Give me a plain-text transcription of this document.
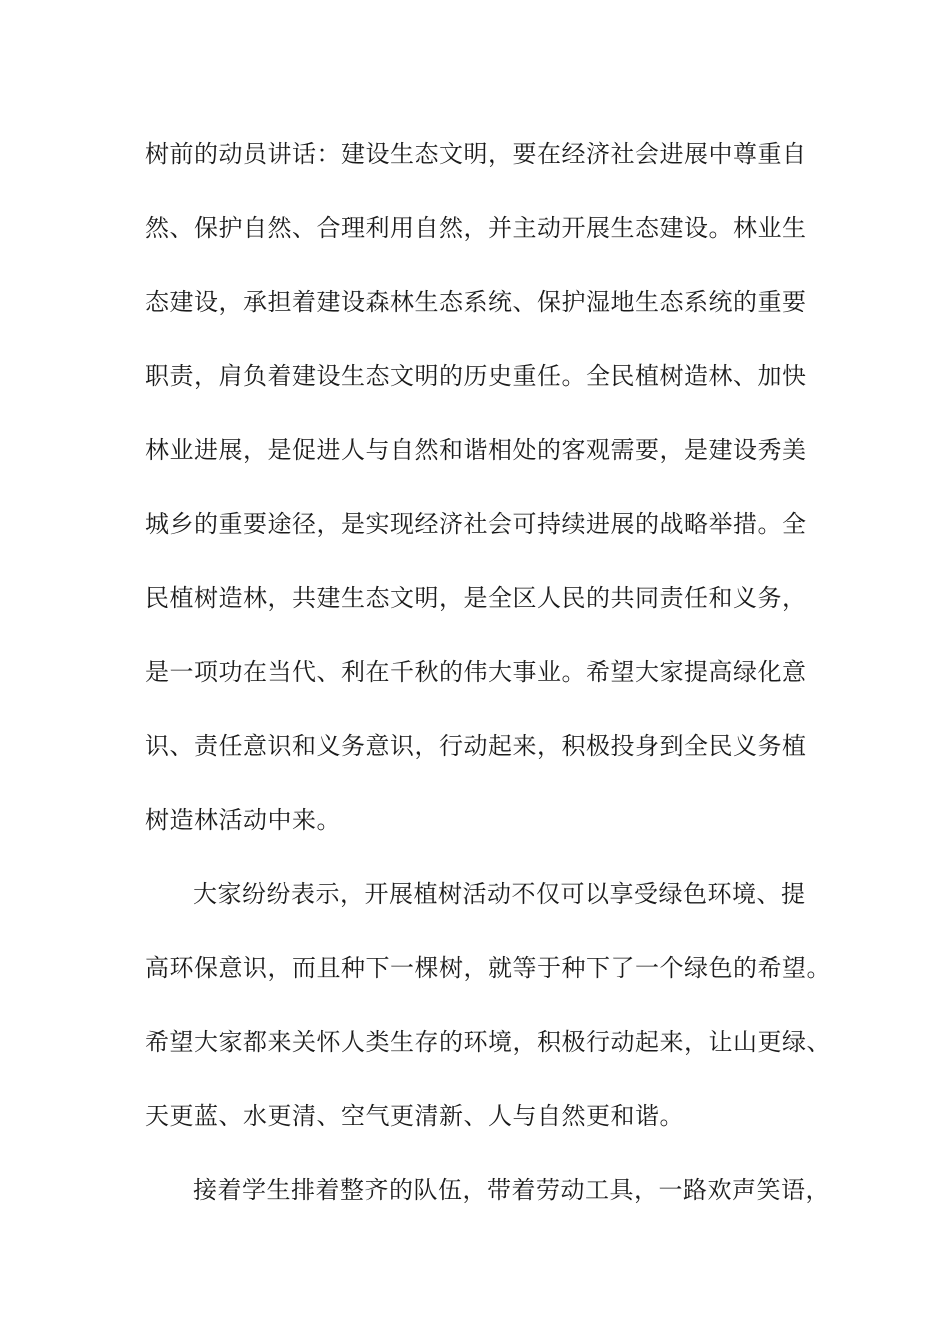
树前的动员讲话：建设生态文明，要在经济社会进展中尊重自
然、保护自然、合理利用自然，并主动开展生态建设。林业生
态建设，承担着建设森林生态系统、保护湿地生态系统的重要
职责，肩负着建设生态文明的历史重任。全民植树造林、加快
林业进展，是促进人与自然和谐相处的客观需要，是建设秀美
城乡的重要途径，是实现经济社会可持续进展的战略举措。全
民植树造林，共建生态文明，是全区人民的共同责任和义务，
是一项功在当代、利在千秋的伟大事业。希望大家提高绿化意
识、责任意识和义务意识，行动起来，积极投身到全民义务植
树造林活动中来。
大家纷纷表示，开展植树活动不仅可以享受绿色环境、提
高环保意识，而且种下一棵树，就等于种下了一个绿色的希望。
希望大家都来关怀人类生存的环境，积极行动起来，让山更绿、
天更蓝、水更清、空气更清新、人与自然更和谐。
接着学生排着整齐的队伍，带着劳动工具，一路欢声笑语，
